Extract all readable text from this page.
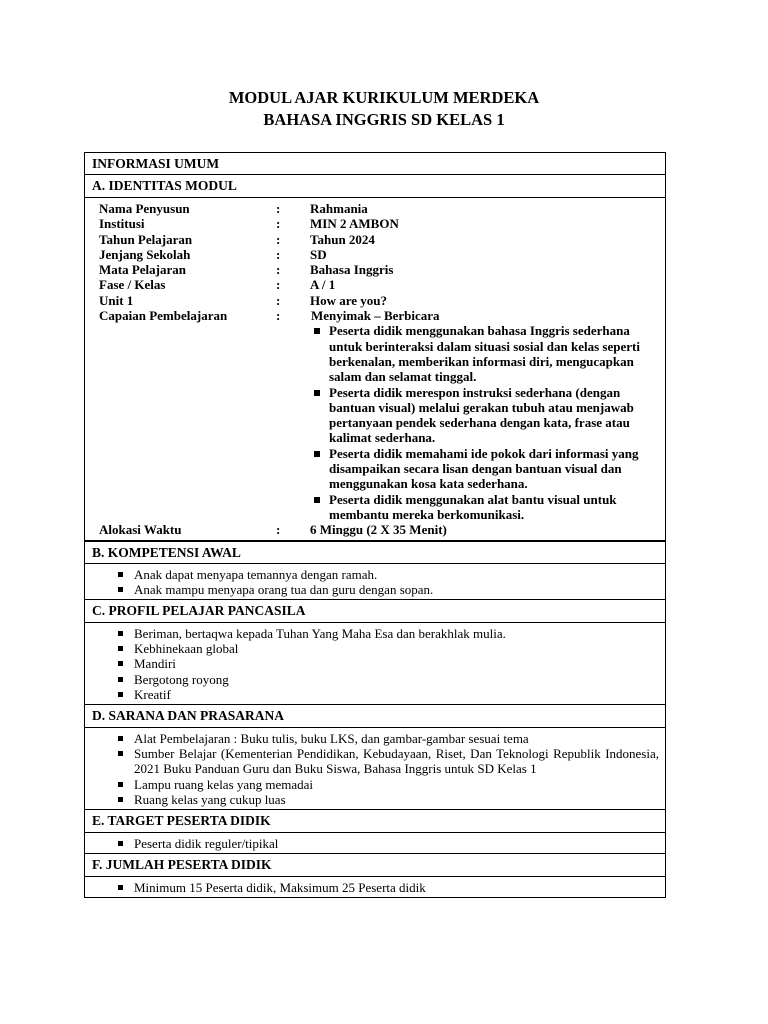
MODUL AJAR KURIKULUM MERDEKA
BAHASA INGGRIS SD KELAS 1
INFORMASI UMUM
A. IDENTITAS MODUL
Nama Penyusun	:	Rahmania
Institusi	:	MIN 2 AMBON
Tahun Pelajaran	:	Tahun 2024
Jenjang Sekolah	:	SD
Mata Pelajaran	:	Bahasa Inggris
Fase / Kelas	:	A / 1
Unit 1	:	How are you?
Capaian Pembelajaran	:	Menyimak – Berbicara
Peserta didik menggunakan bahasa Inggris sederhana untuk berinteraksi dalam situasi sosial dan kelas seperti berkenalan, memberikan informasi diri, mengucapkan salam dan selamat tinggal.
Peserta didik merespon instruksi sederhana (dengan bantuan visual) melalui gerakan tubuh atau menjawab pertanyaan pendek sederhana dengan kata, frase atau kalimat sederhana.
Peserta didik memahami ide pokok dari informasi yang disampaikan secara lisan dengan bantuan visual dan menggunakan kosa kata sederhana.
Peserta didik menggunakan alat bantu visual untuk membantu mereka berkomunikasi.
Alokasi Waktu	:	6 Minggu (2 X 35 Menit)
B. KOMPETENSI AWAL
Anak dapat menyapa temannya dengan ramah.
Anak mampu menyapa orang tua dan guru dengan sopan.
C. PROFIL PELAJAR PANCASILA
Beriman, bertaqwa kepada Tuhan Yang Maha Esa dan berakhlak mulia.
Kebhinekaan global
Mandiri
Bergotong royong
Kreatif
D. SARANA DAN PRASARANA
Alat Pembelajaran : Buku tulis, buku LKS, dan gambar-gambar sesuai tema
Sumber Belajar (Kementerian Pendidikan, Kebudayaan, Riset, Dan Teknologi Republik Indonesia, 2021 Buku Panduan Guru dan Buku Siswa, Bahasa Inggris untuk SD Kelas 1
Lampu ruang kelas yang memadai
Ruang kelas yang cukup luas
E. TARGET PESERTA DIDIK
Peserta didik reguler/tipikal
F. JUMLAH PESERTA DIDIK
Minimum 15 Peserta didik, Maksimum 25 Peserta didik
